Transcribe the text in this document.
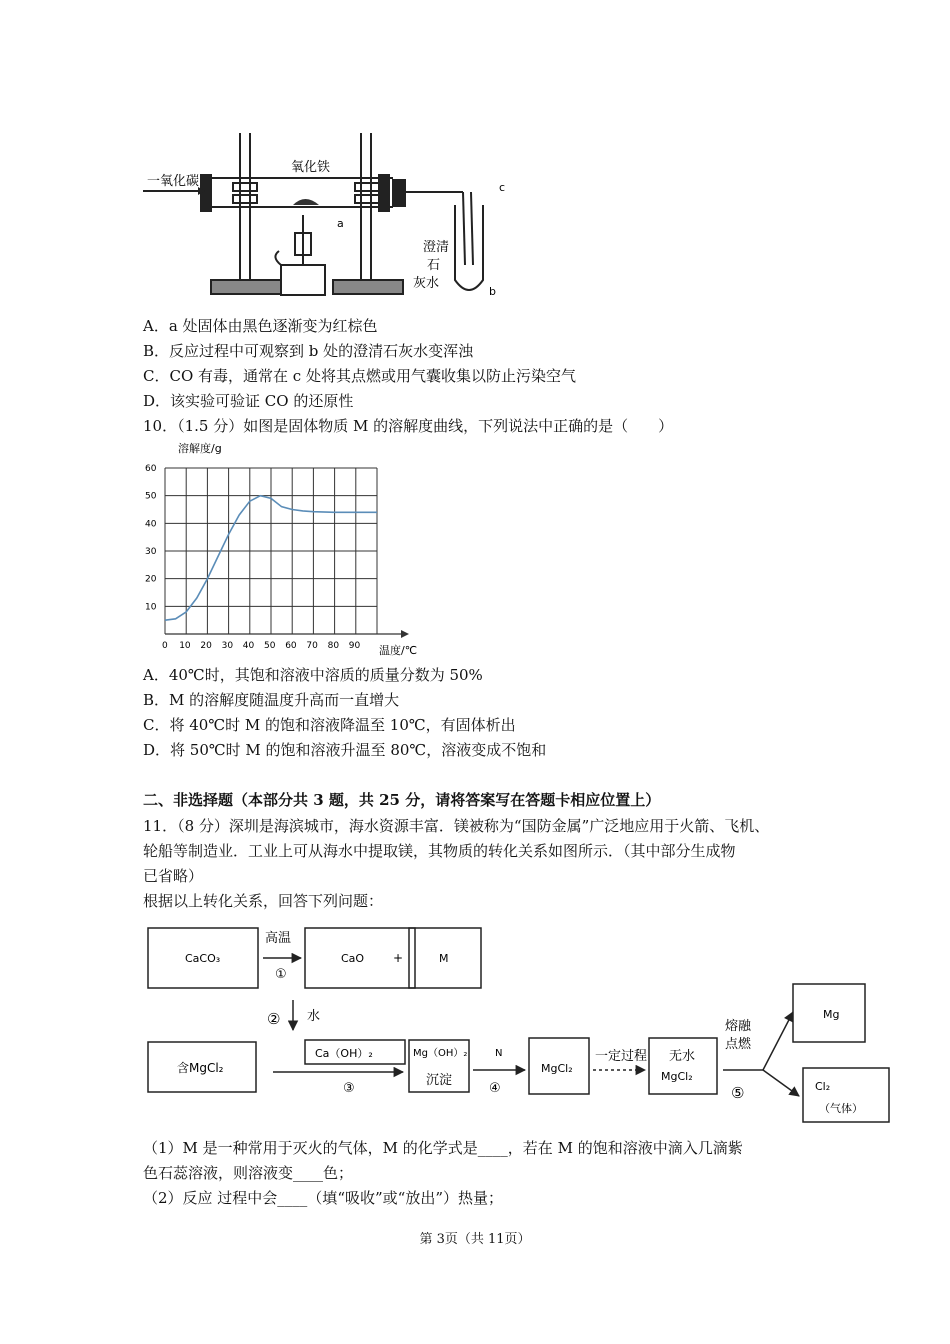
一氧化碳
氧化铁
a
c
b
澄清
石
灰水
A．a 处固体由黑色逐渐变为红棕色
B．反应过程中可观察到 b 处的澄清石灰水变浑浊
C．CO 有毒，通常在 c 处将其点燃或用气囊收集以防止污染空气
D．该实验可验证 CO 的还原性
10．（1.5 分）如图是固体物质 M 的溶解度曲线，下列说法中正确的是（　　）
溶解度/g
温度/℃
0 10 20 30 40 50 60 70 80 90
10
20
30
40
50
60
A．40℃时，其饱和溶液中溶质的质量分数为 50%
B．M 的溶解度随温度升高而一直增大
C．将 40℃时 M 的饱和溶液降温至 10℃，有固体析出
D．将 50℃时 M 的饱和溶液升温至 80℃，溶液变成不饱和
二、非选择题（本部分共 3 题，共 25 分，请将答案写在答题卡相应位置上）
11．（8 分）深圳是海滨城市，海水资源丰富．镁被称为“国防金属”广泛地应用于火箭、飞机、
轮船等制造业．工业上可从海水中提取镁，其物质的转化关系如图所示．（其中部分生成物
已省略）
根据以上转化关系，回答下列问题：
CaCO₃
高温
①
CaO +	M
② 水
含MgCl₂
Ca（OH）₂
③
Mg（OH）₂
沉淀
N
④
MgCl₂
一定过程 无水
MgCl₂
熔融
点燃
⑤
Mg
Cl₂
（气体）
（1）M 是一种常用于灭火的气体，M 的化学式是____，若在 M 的饱和溶液中滴入几滴紫
色石蕊溶液，则溶液变____色；
（2）反应 过程中会____（填“吸收”或“放出”）热量；
第 3页（共 11页）
